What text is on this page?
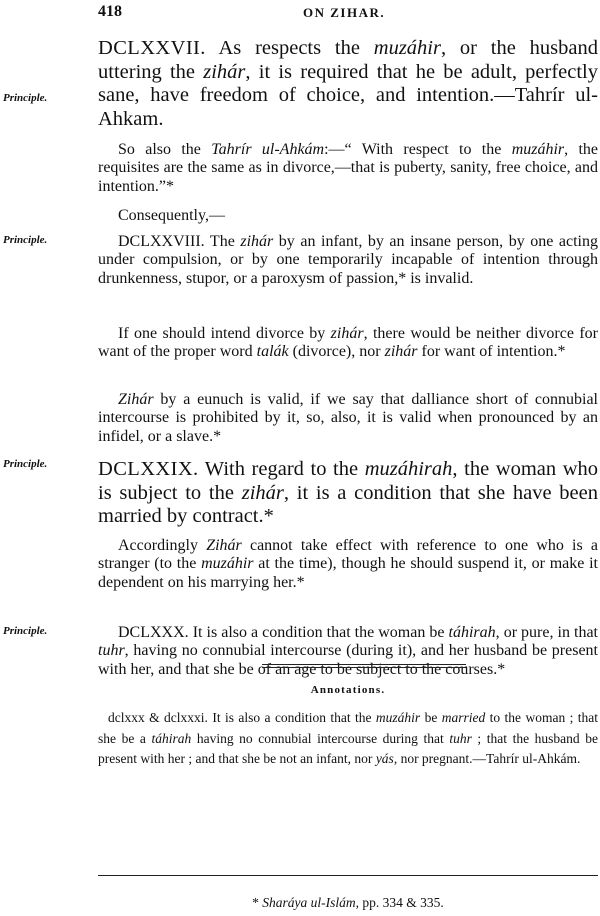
418	ON ZIHAR.
Principle.
Principle.
Principle.
Principle.

DCLXXVII. As respects the muzáhir, or the husband uttering the zihár, it is required that he be adult, perfectly sane, have freedom of choice, and intention.—Tahrír ul-Ahkam.

So also the Tahrír ul-Ahkám:—“ With respect to the muzáhir, the requisites are the same as in divorce,—that is puberty, sanity, free choice, and intention.”*

Consequently,—

DCLXXVIII. The zihár by an infant, by an insane person, by one acting under compulsion, or by one temporarily incapable of intention through drunkenness, stupor, or a paroxysm of passion,* is invalid.

If one should intend divorce by zihár, there would be neither divorce for want of the proper word talák (divorce), nor zihár for want of intention.*

Zihár by a eunuch is valid, if we say that dalliance short of connubial intercourse is prohibited by it, so, also, it is valid when pronounced by an infidel, or a slave.*

DCLXXIX. With regard to the muzáhirah, the woman who is subject to the zihár, it is a condition that she have been married by contract.*

Accordingly Zihár cannot take effect with reference to one who is a stranger (to the muzáhir at the time), though he should suspend it, or make it dependent on his marrying her.*

DCLXXX. It is also a condition that the woman be táhirah, or pure, in that tuhr, having no connubial intercourse (during it), and her husband be present with her, and that she be of an age to be subject to the courses.*

Annotations.

dclxxx & dclxxxi. It is also a condition that the muzáhir be married to the woman ; that she be a táhirah having no connubial intercourse during that tuhr ; that the husband be present with her ; and that she be not an infant, nor yás, nor pregnant.—Tahrír ul-Ahkám.

* Sharáya ul-Islám, pp. 334 & 335.
